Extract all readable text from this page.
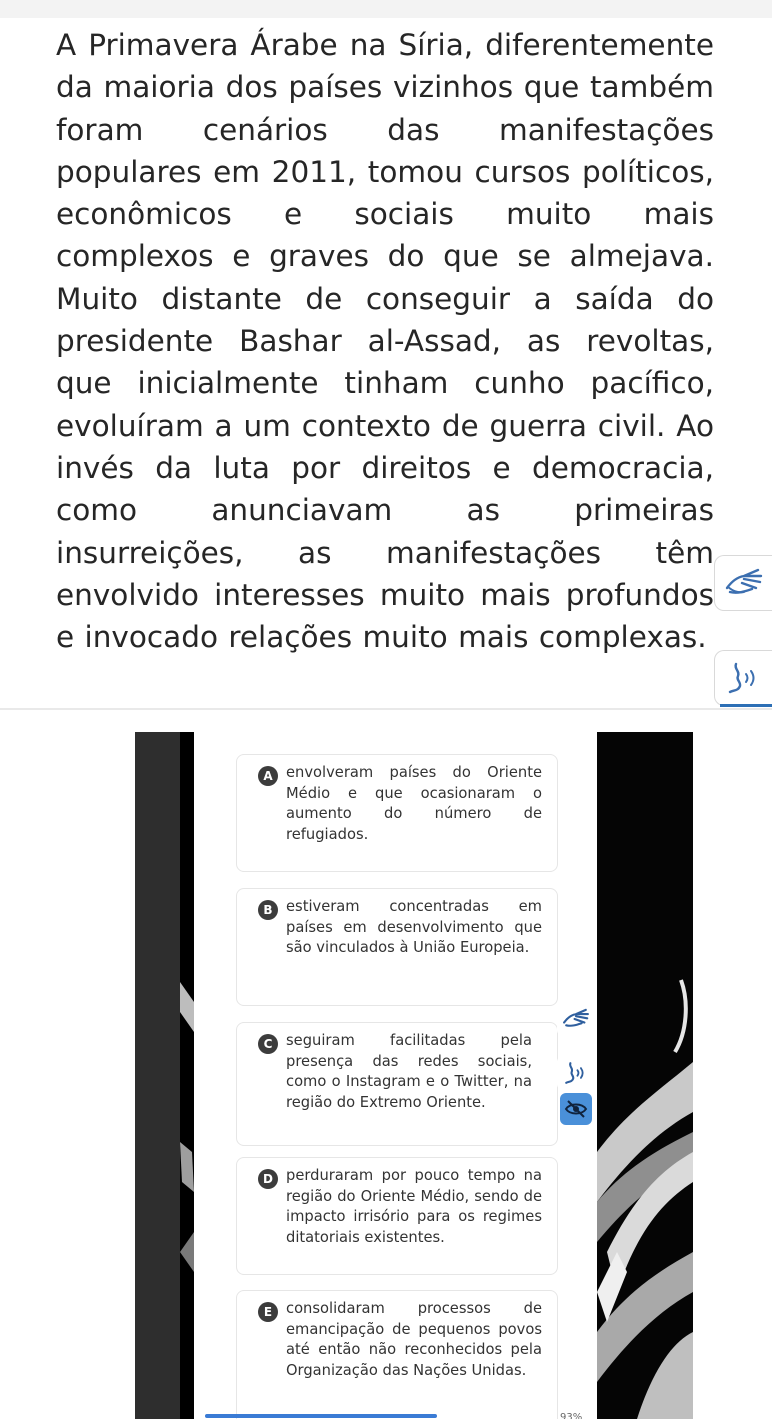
A Primavera Árabe na Síria, diferentemente da maioria dos países vizinhos que também foram cenários das manifestações populares em 2011, tomou cursos políticos, econômicos e sociais muito mais complexos e graves do que se almejava. Muito distante de conseguir a saída do presidente Bashar al-Assad, as revoltas, que inicialmente tinham cunho pacífico, evoluíram a um contexto de guerra civil. Ao invés da luta por direitos e democracia, como anunciavam as primeiras insurreições, as manifestações têm envolvido interesses muito mais profundos e invocado relações muito mais complexas.

A envolveram países do Oriente Médio e que ocasionaram o aumento do número de refugiados.
B estiveram concentradas em países em desenvolvimento que são vinculados à União Europeia.
C seguiram facilitadas pela presença das redes sociais, como o Instagram e o Twitter, na região do Extremo Oriente.
D perduraram por pouco tempo na região do Oriente Médio, sendo de impacto irrisório para os regimes ditatoriais existentes.
E consolidaram processos de emancipação de pequenos povos até então não reconhecidos pela Organização das Nações Unidas.
93%
